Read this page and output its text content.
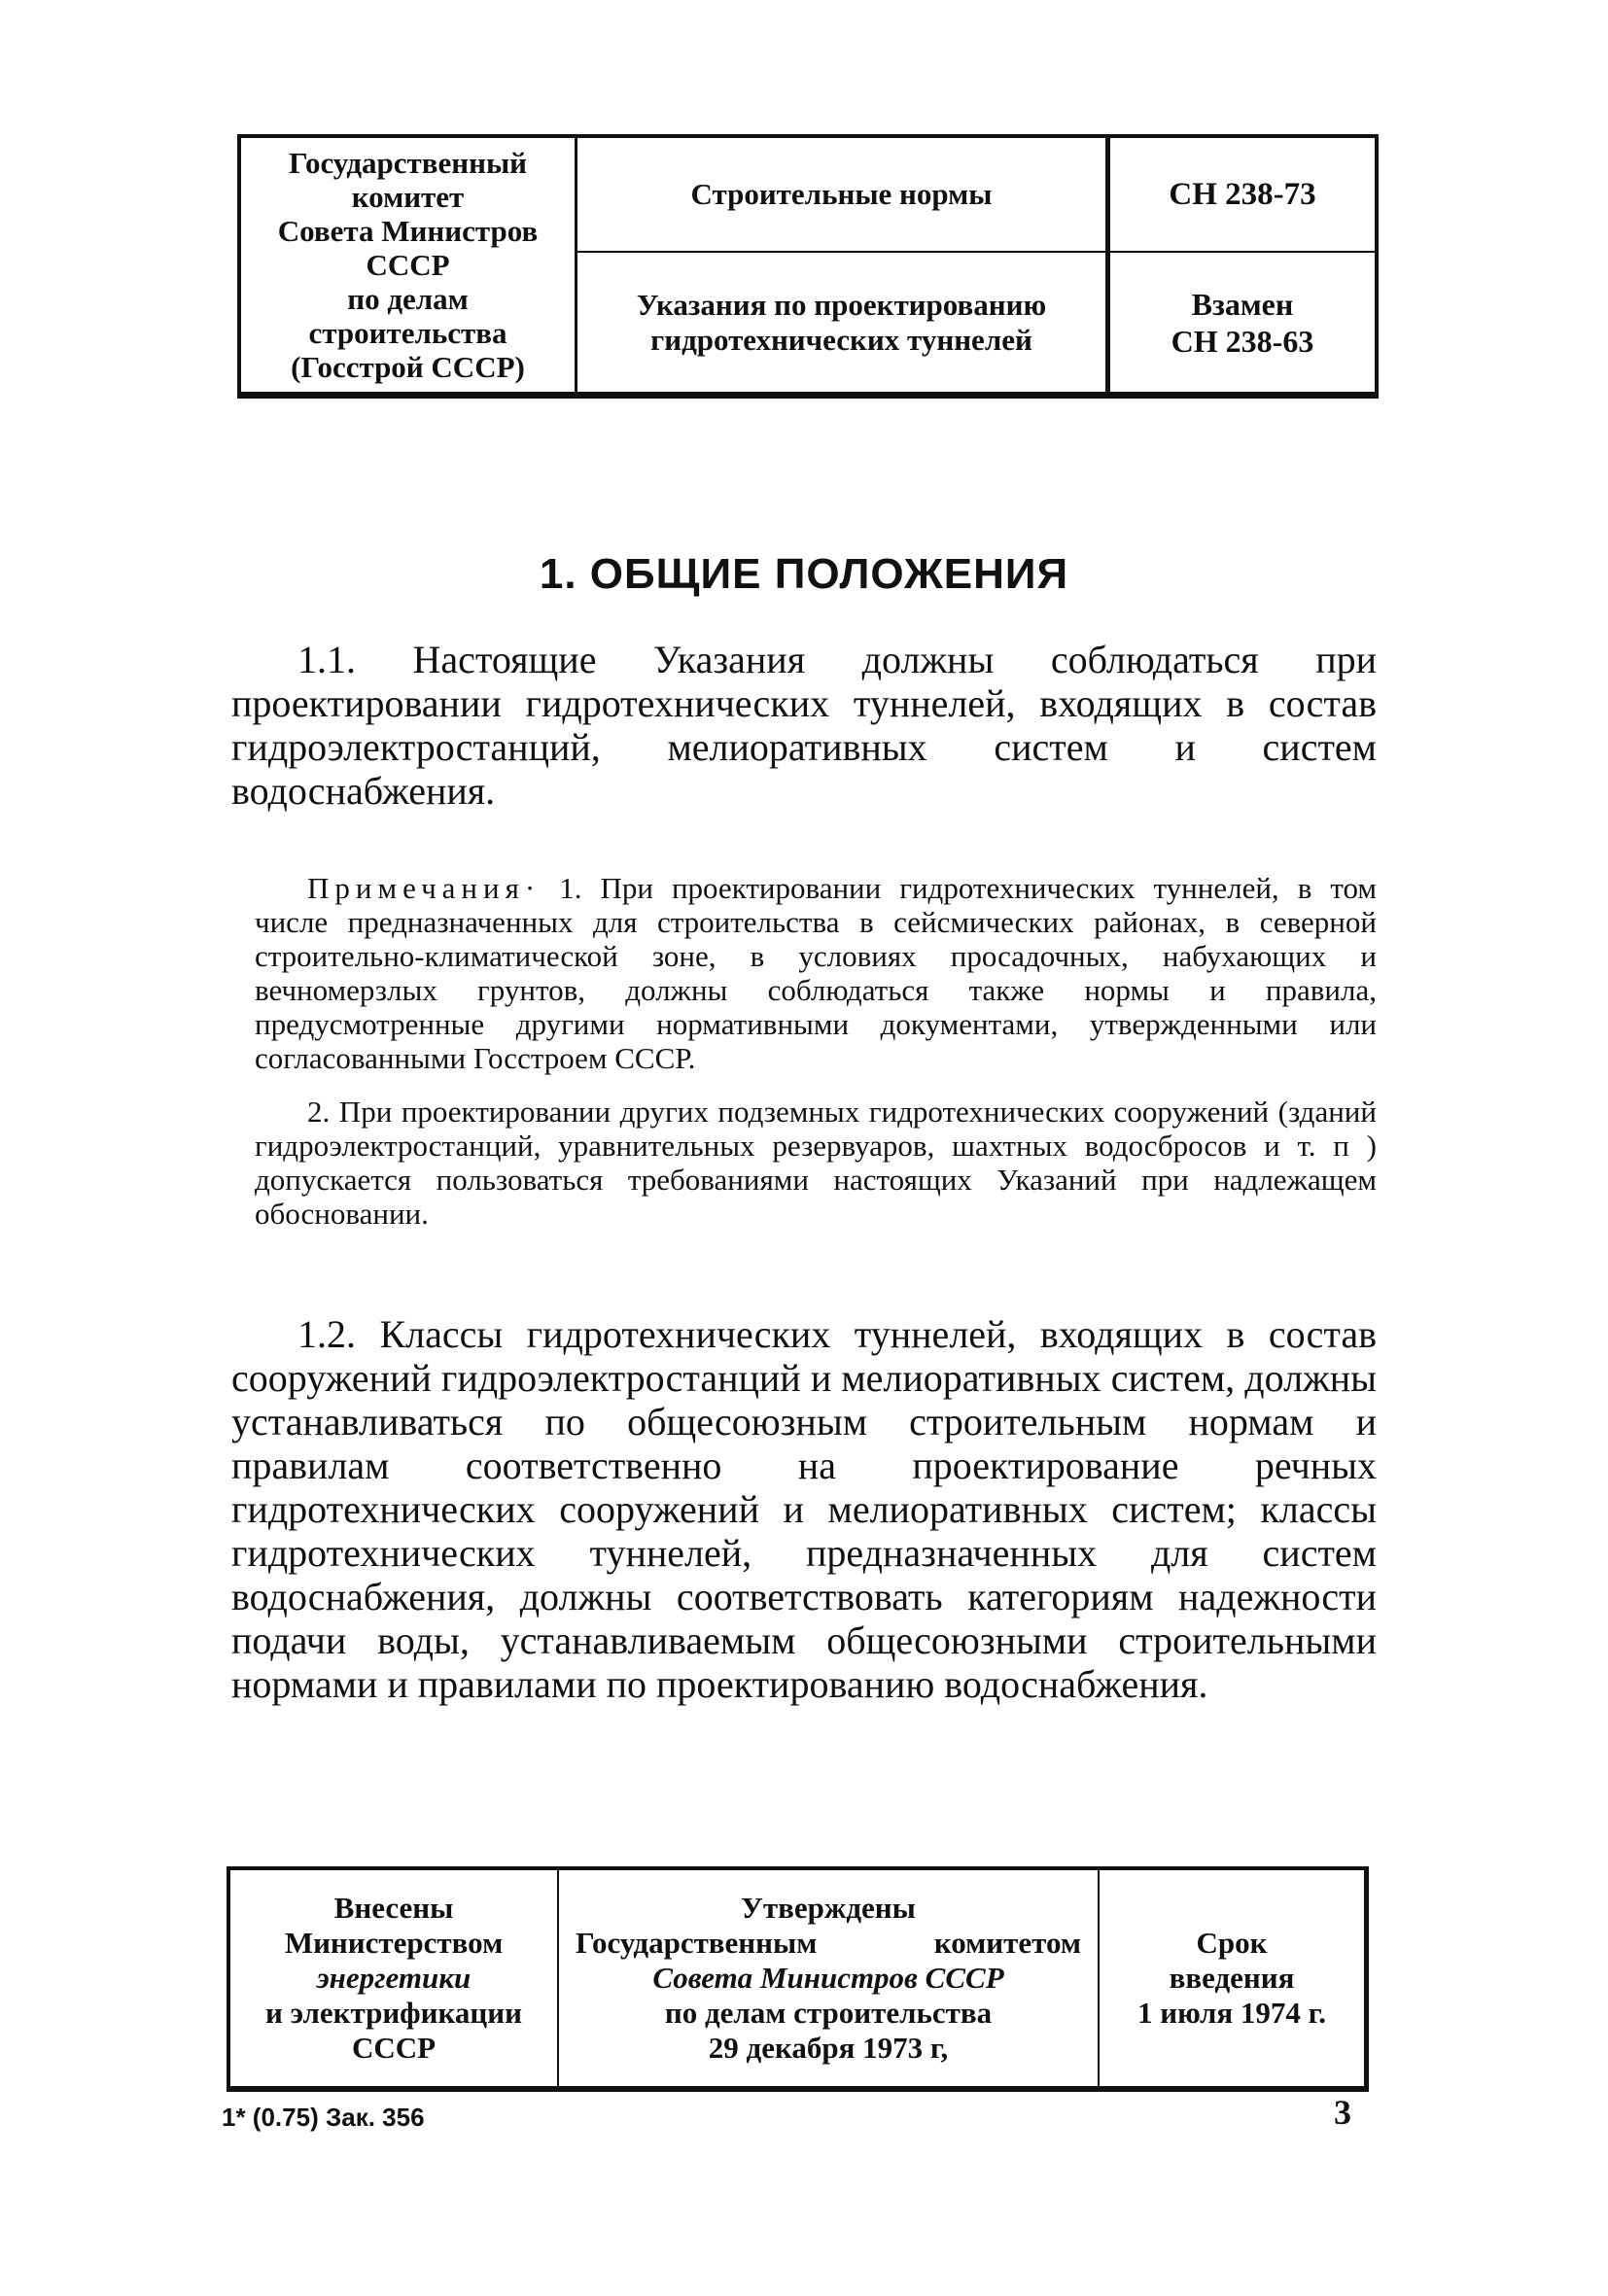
Государственный
комитет
Совета Министров
СССР
по делам
строительства
(Госстрой СССР)
Строительные нормы
Указания по проектированию
гидротехнических туннелей
СН 238-73
Взамен
СН 238-63
1. ОБЩИЕ ПОЛОЖЕНИЯ

1.1. Настоящие Указания должны соблюдаться при проектировании гидротехнических туннелей, входящих в состав гидроэлектростанций, мелиоративных систем и систем водоснабжения.

Примечания· 1. При проектировании гидротехнических туннелей, в том числе предназначенных для строительства в сейсмических районах, в северной строительно-климатической зоне, в условиях просадочных, набухающих и вечномерзлых грунтов, должны соблюдаться также нормы и правила, предусмотренные другими нормативными документами, утвержденными или согласованными Госстроем СССР.

2. При проектировании других подземных гидротехнических сооружений (зданий гидроэлектростанций, уравнительных резервуаров, шахтных водосбросов и т. п ) допускается пользоваться требованиями настоящих Указаний при надлежащем обосновании.

1.2. Классы гидротехнических туннелей, входящих в состав сооружений гидроэлектростанций и мелиоративных систем, должны устанавливаться по общесоюзным строительным нормам и правилам соответственно на проектирование речных гидротехнических сооружений и мелиоративных систем; классы гидротехнических туннелей, предназначенных для систем водоснабжения, должны соответствовать категориям надежности подачи воды, устанавливаемым общесоюзными строительными нормами и правилами по проектированию водоснабжения.

Внесены
Министерством
энергетики
и электрификации
СССР
Утверждены
Государственным комитетом
Совета Министров СССР
по делам строительства
29 декабря 1973 г,
Срок
введения
1 июля 1974 г.
1* (0.75) Зак. 356	3
